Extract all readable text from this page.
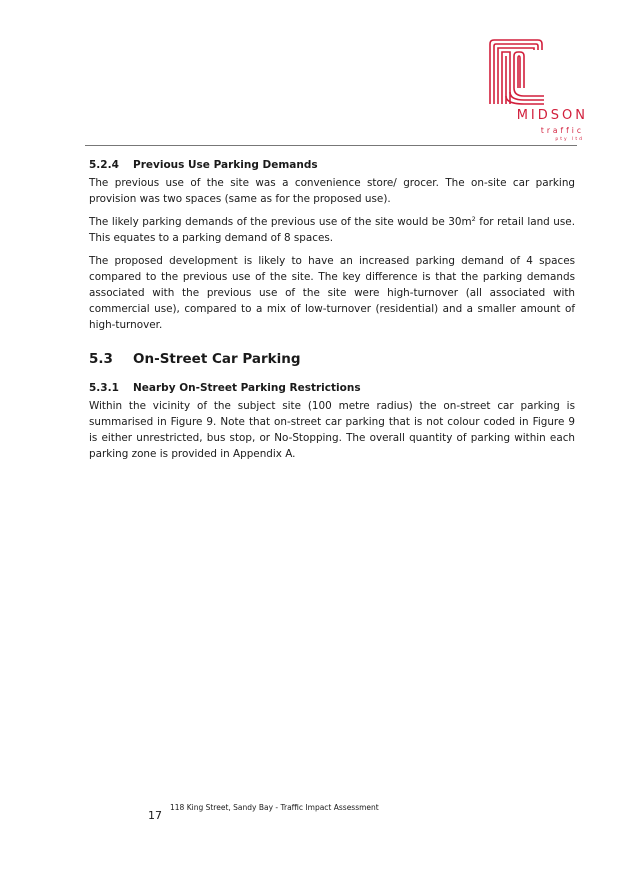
MIDSON
traffic
pty ltd
5.2.4	Previous Use Parking Demands

The previous use of the site was a convenience store/ grocer. The on-site car parking provision was two spaces (same as for the proposed use).

The likely parking demands of the previous use of the site would be $30m^2$ for retail land use. This equates to a parking demand of 8 spaces.

The proposed development is likely to have an increased parking demand of 4 spaces compared to the previous use of the site. The key difference is that the parking demands associated with the previous use of the site were high-turnover (all associated with commercial use), compared to a mix of low-turnover (residential) and a smaller amount of high-turnover.

5.3	On-Street Car Parking
5.3.1	Nearby On-Street Parking Restrictions

Within the vicinity of the subject site (100 metre radius) the on-street car parking is summarised in Figure 9. Note that on-street car parking that is not colour coded in Figure 9 is either unrestricted, bus stop, or No-Stopping. The overall quantity of parking within each parking zone is provided in Appendix A.

17
118 King Street, Sandy Bay - Traffic Impact Assessment
